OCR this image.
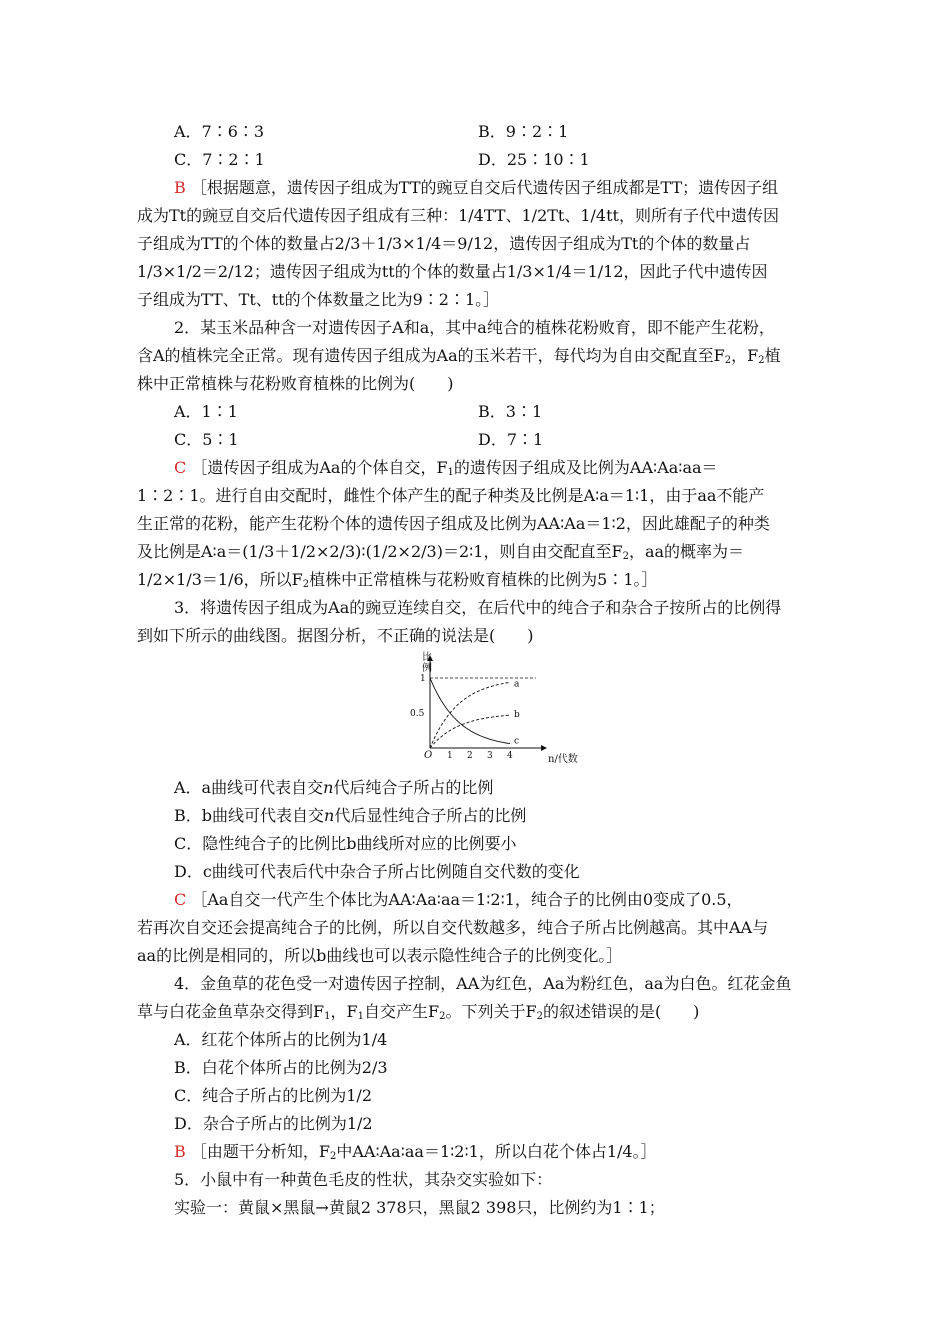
A．7∶6∶3	B．9∶2∶1
C．7∶2∶1	D．25∶10∶1
B ［根据题意，遗传因子组成为TT的豌豆自交后代遗传因子组成都是TT；遗传因子组
成为Tt的豌豆自交后代遗传因子组成有三种：1/4TT、1/2Tt、1/4tt，则所有子代中遗传因
子组成为TT的个体的数量占2/3＋1/3×1/4＝9/12，遗传因子组成为Tt的个体的数量占
1/3×1/2＝2/12；遗传因子组成为tt的个体的数量占1/3×1/4＝1/12，因此子代中遗传因
子组成为TT、Tt、tt的个体数量之比为9∶2∶1。］
2．某玉米品种含一对遗传因子A和a，其中a纯合的植株花粉败育，即不能产生花粉，
含A的植株完全正常。现有遗传因子组成为Aa的玉米若干，每代均为自由交配直至$F_2$，$F_2$植
株中正常植株与花粉败育植株的比例为(　　)
A．1∶1	B．3∶1
C．5∶1	D．7∶1
C ［遗传因子组成为Aa的个体自交，$F_1$的遗传因子组成及比例为AA∶Aa∶aa＝
1∶2∶1。进行自由交配时，雌性个体产生的配子种类及比例是A∶a＝1∶1，由于aa不能产
生正常的花粉，能产生花粉个体的遗传因子组成及比例为AA∶Aa＝1∶2，因此雄配子的种类
及比例是A∶a＝(1/3＋1/2×2/3)∶(1/2×2/3)＝2∶1，则自由交配直至$F_2$，aa的概率为＝
1/2×1/3＝1/6，所以$F_2$植株中正常植株与花粉败育植株的比例为5∶1。］
3．将遗传因子组成为Aa的豌豆连续自交，在后代中的纯合子和杂合子按所占的比例得
到如下所示的曲线图。据图分析，不正确的说法是(　　)
比
例
n/代数
O 1 2 3 4
0.5
1
a
b
c
A．a曲线可代表自交n代后纯合子所占的比例
B．b曲线可代表自交n代后显性纯合子所占的比例
C．隐性纯合子的比例比b曲线所对应的比例要小
D．c曲线可代表后代中杂合子所占比例随自交代数的变化
C ［Aa自交一代产生个体比为AA∶Aa∶aa＝1∶2∶1，纯合子的比例由0变成了0.5，
若再次自交还会提高纯合子的比例，所以自交代数越多，纯合子所占比例越高。其中AA与
aa的比例是相同的，所以b曲线也可以表示隐性纯合子的比例变化。］
4．金鱼草的花色受一对遗传因子控制，AA为红色，Aa为粉红色，aa为白色。红花金鱼
草与白花金鱼草杂交得到$F_1$，$F_1$自交产生$F_2$。下列关于$F_2$的叙述错误的是(　　)
A．红花个体所占的比例为1/4
B．白花个体所占的比例为2/3
C．纯合子所占的比例为1/2
D．杂合子所占的比例为1/2
B ［由题干分析知，$F_2$中AA∶Aa∶aa＝1∶2∶1，所以白花个体占1/4。］
5．小鼠中有一种黄色毛皮的性状，其杂交实验如下：
实验一：黄鼠×黑鼠→黄鼠2 378只，黑鼠2 398只，比例约为1∶1；
